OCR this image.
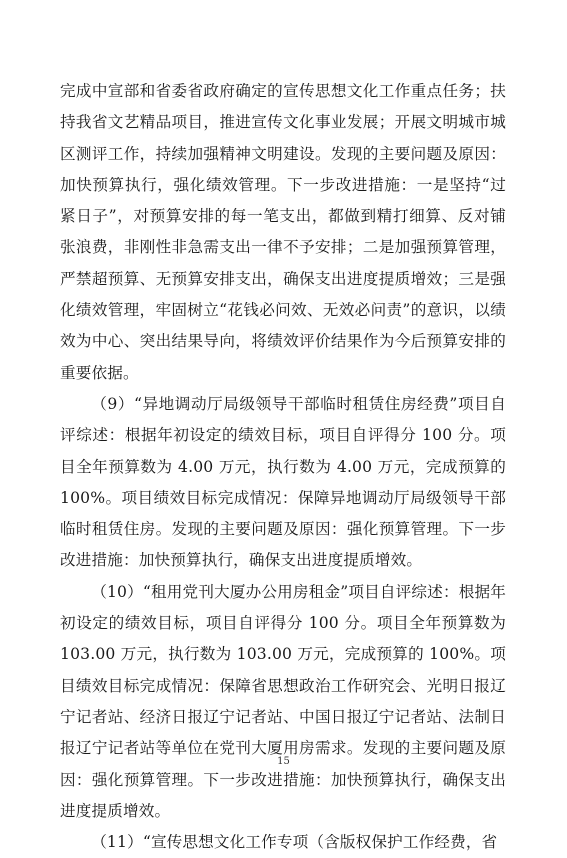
完成中宣部和省委省政府确定的宣传思想文化工作重点任务；扶持我省文艺精品项目，推进宣传文化事业发展；开展文明城市城区测评工作，持续加强精神文明建设。发现的主要问题及原因：加快预算执行，强化绩效管理。下一步改进措施：一是坚持“过紧日子”，对预算安排的每一笔支出，都做到精打细算、反对铺张浪费，非刚性非急需支出一律不予安排；二是加强预算管理，严禁超预算、无预算安排支出，确保支出进度提质增效；三是强化绩效管理，牢固树立“花钱必问效、无效必问责”的意识，以绩效为中心、突出结果导向，将绩效评价结果作为今后预算安排的重要依据。

（9）“异地调动厅局级领导干部临时租赁住房经费”项目自评综述：根据年初设定的绩效目标，项目自评得分 100 分。项目全年预算数为 4.00 万元，执行数为 4.00 万元，完成预算的 100%。项目绩效目标完成情况：保障异地调动厅局级领导干部临时租赁住房。发现的主要问题及原因：强化预算管理。下一步改进措施：加快预算执行，确保支出进度提质增效。

（10）“租用党刊大厦办公用房租金”项目自评综述：根据年初设定的绩效目标，项目自评得分 100 分。项目全年预算数为 103.00 万元，执行数为 103.00 万元，完成预算的 100%。项目绩效目标完成情况：保障省思想政治工作研究会、光明日报辽宁记者站、经济日报辽宁记者站、中国日报辽宁记者站、法制日报辽宁记者站等单位在党刊大厦用房需求。发现的主要问题及原因：强化预算管理。下一步改进措施：加快预算执行，确保支出进度提质增效。

（11）“宣传思想文化工作专项（含版权保护工作经费，省

15
